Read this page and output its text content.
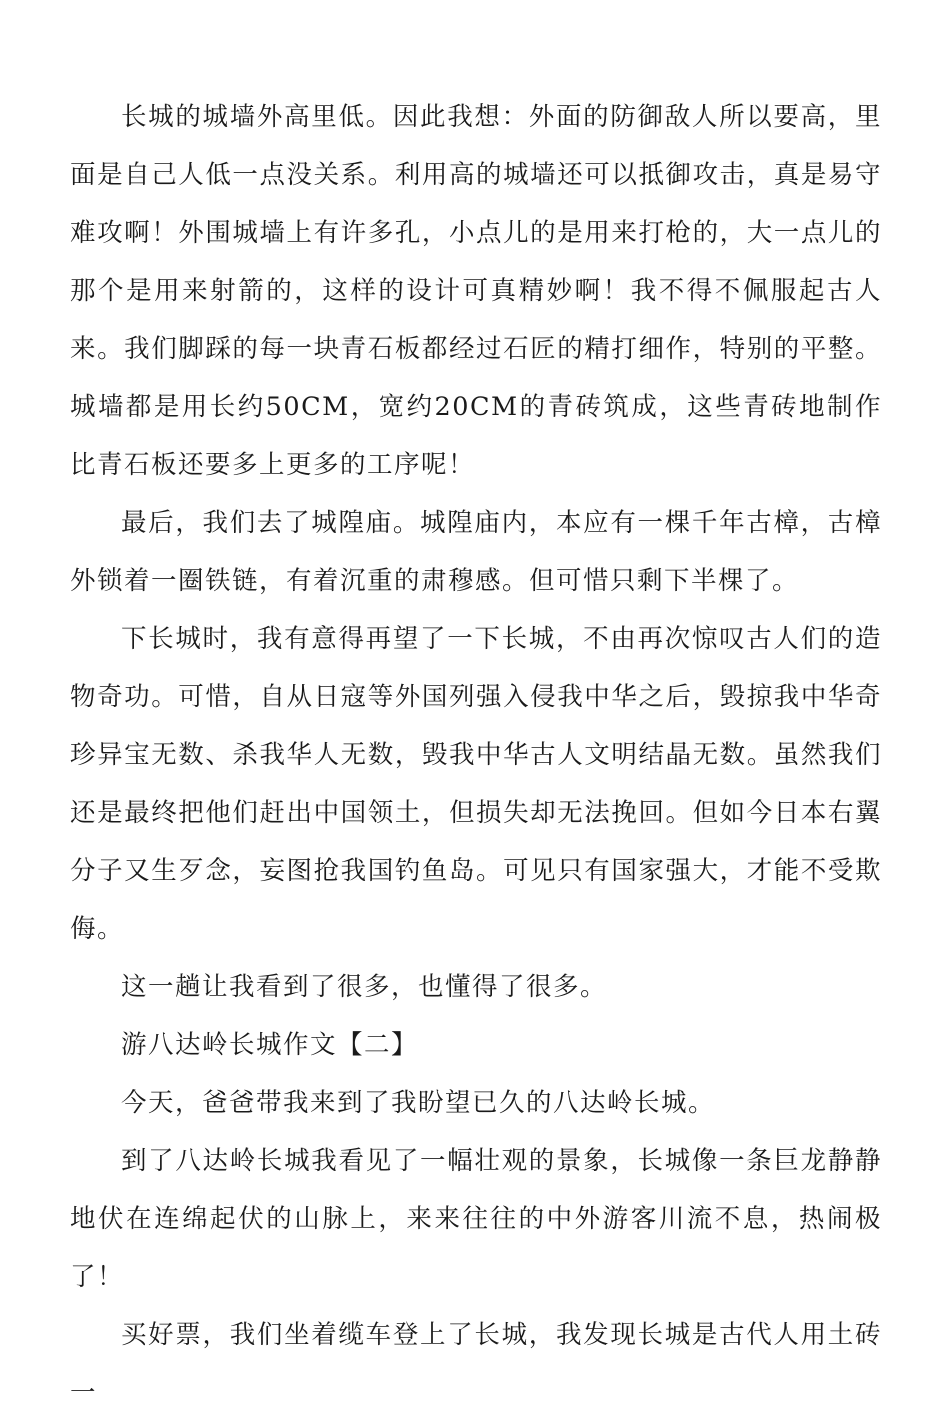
长城的城墙外高里低。因此我想：外面的防御敌人所以要高，里面是自己人低一点没关系。利用高的城墙还可以抵御攻击，真是易守难攻啊！外围城墙上有许多孔，小点儿的是用来打枪的，大一点儿的那个是用来射箭的，这样的设计可真精妙啊！我不得不佩服起古人来。我们脚踩的每一块青石板都经过石匠的精打细作，特别的平整。城墙都是用长约50CM，宽约20CM的青砖筑成，这些青砖地制作比青石板还要多上更多的工序呢！

最后，我们去了城隍庙。城隍庙内，本应有一棵千年古樟，古樟外锁着一圈铁链，有着沉重的肃穆感。但可惜只剩下半棵了。

下长城时，我有意得再望了一下长城，不由再次惊叹古人们的造物奇功。可惜，自从日寇等外国列强入侵我中华之后，毁掠我中华奇珍异宝无数、杀我华人无数，毁我中华古人文明结晶无数。虽然我们还是最终把他们赶出中国领土，但损失却无法挽回。但如今日本右翼分子又生歹念，妄图抢我国钓鱼岛。可见只有国家强大，才能不受欺侮。

这一趟让我看到了很多，也懂得了很多。

游八达岭长城作文【二】

今天，爸爸带我来到了我盼望已久的八达岭长城。

到了八达岭长城我看见了一幅壮观的景象，长城像一条巨龙静静地伏在连绵起伏的山脉上，来来往往的中外游客川流不息，热闹极了！

买好票，我们坐着缆车登上了长城，我发现长城是古代人用土砖一
